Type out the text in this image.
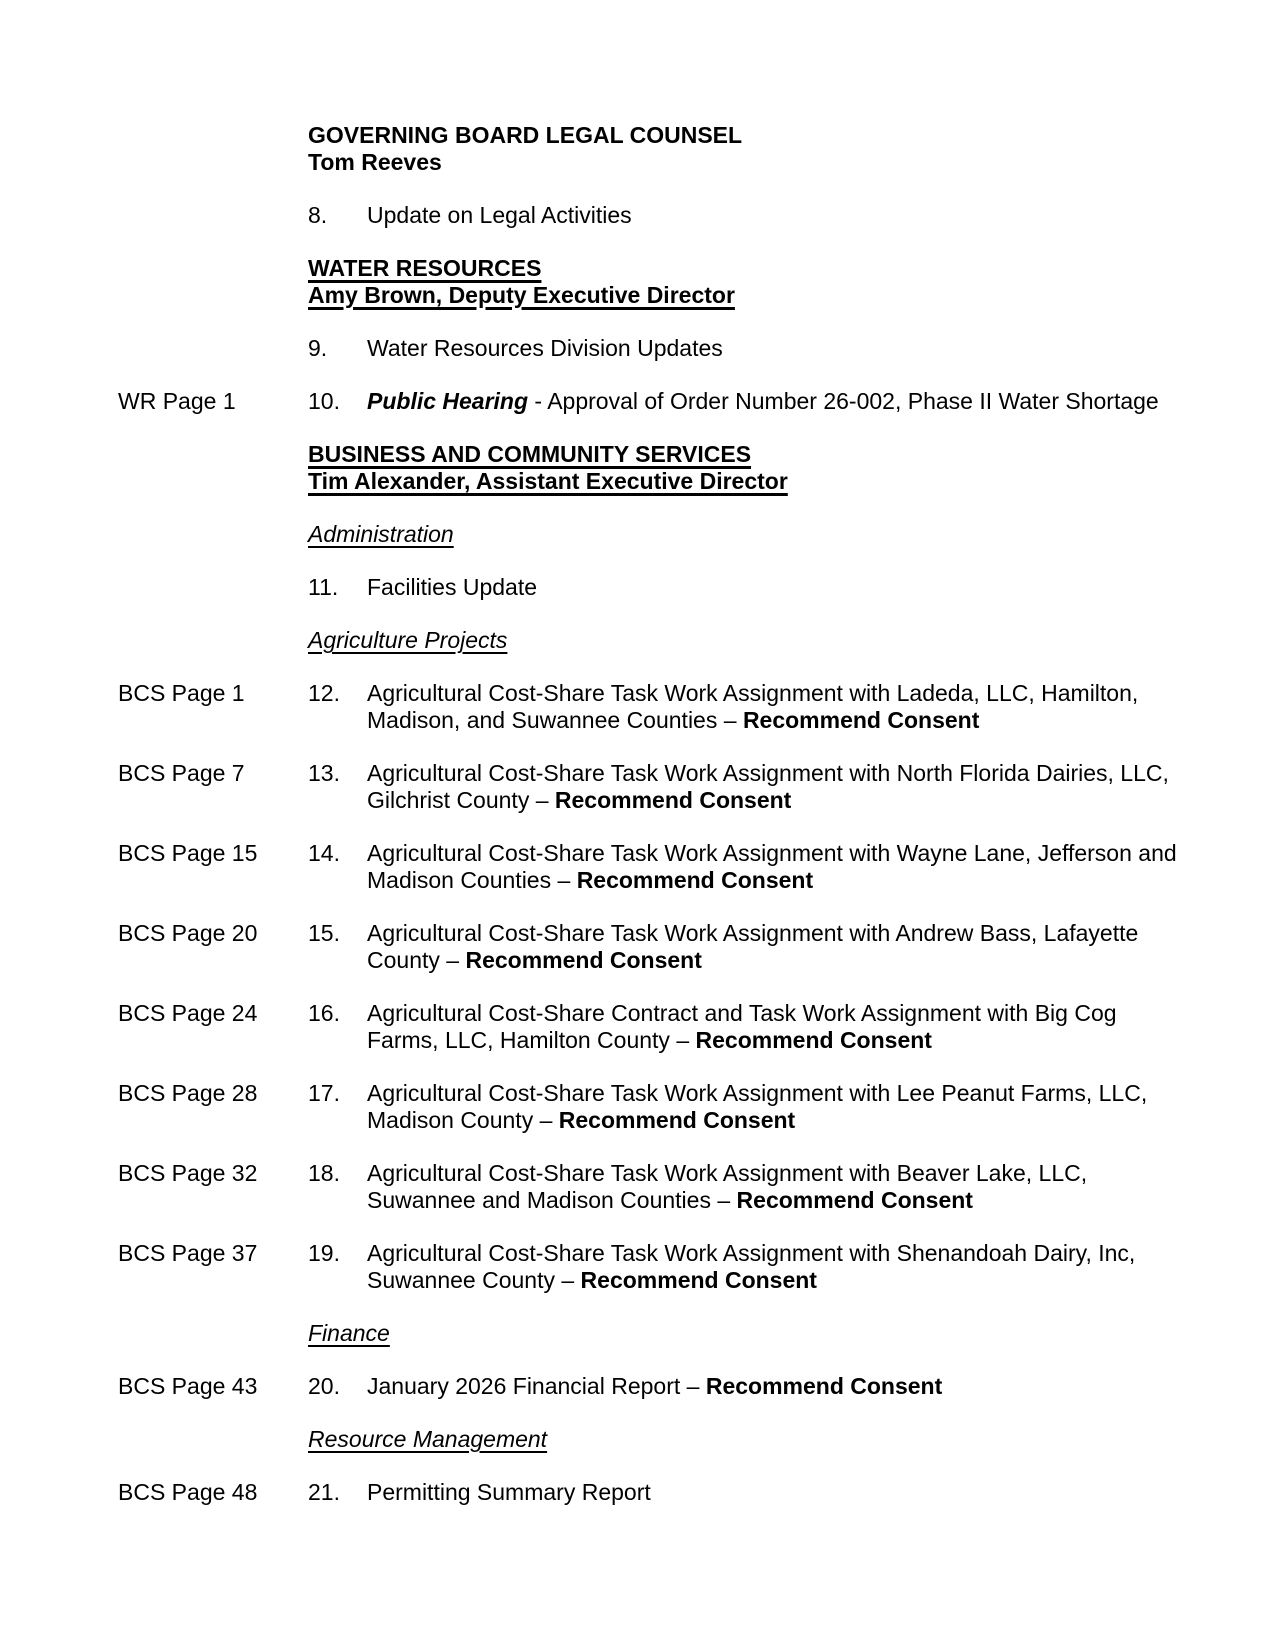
GOVERNING BOARD LEGAL COUNSEL
Tom Reeves
8.	Update on Legal Activities
WATER RESOURCES
Amy Brown, Deputy Executive Director
9.	Water Resources Division Updates
WR Page 1	10.	Public Hearing - Approval of Order Number 26-002, Phase II Water Shortage
BUSINESS AND COMMUNITY SERVICES
Tim Alexander, Assistant Executive Director
Administration
11.	Facilities Update
Agriculture Projects
BCS Page 1	12.	Agricultural Cost-Share Task Work Assignment with Ladeda, LLC, Hamilton, Madison, and Suwannee Counties – Recommend Consent
BCS Page 7	13.	Agricultural Cost-Share Task Work Assignment with North Florida Dairies, LLC, Gilchrist County – Recommend Consent
BCS Page 15	14.	Agricultural Cost-Share Task Work Assignment with Wayne Lane, Jefferson and Madison Counties – Recommend Consent
BCS Page 20	15.	Agricultural Cost-Share Task Work Assignment with Andrew Bass, Lafayette County – Recommend Consent
BCS Page 24	16.	Agricultural Cost-Share Contract and Task Work Assignment with Big Cog Farms, LLC, Hamilton County – Recommend Consent
BCS Page 28	17.	Agricultural Cost-Share Task Work Assignment with Lee Peanut Farms, LLC, Madison County – Recommend Consent
BCS Page 32	18.	Agricultural Cost-Share Task Work Assignment with Beaver Lake, LLC, Suwannee and Madison Counties – Recommend Consent
BCS Page 37	19.	Agricultural Cost-Share Task Work Assignment with Shenandoah Dairy, Inc, Suwannee County – Recommend Consent
Finance
BCS Page 43	20.	January 2026 Financial Report – Recommend Consent
Resource Management
BCS Page 48	21.	Permitting Summary Report
